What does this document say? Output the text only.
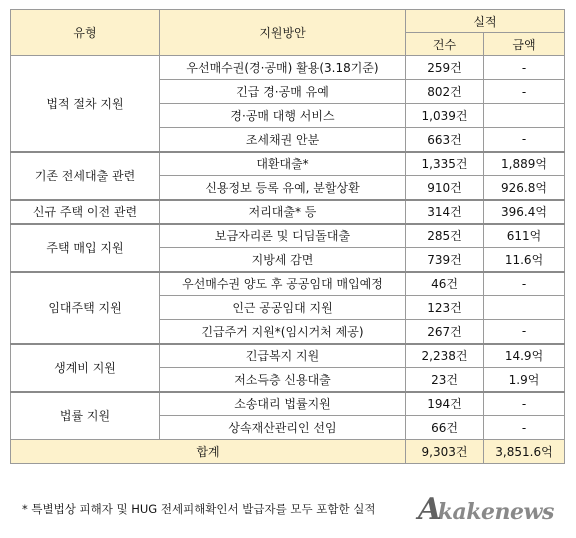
유형	지원방안	실적	
		건수	금액
법적 절차 지원	우선매수권(경·공매) 활용(3.18기준)	259건	-
	긴급 경·공매 유예	802건	-
	경·공매 대행 서비스	1,039건	
	조세채권 안분	663건	-
기존 전세대출 관련	대환대출*	1,335건	1,889억
	신용정보 등록 유예, 분할상환	910건	926.8억
신규 주택 이전 관련	저리대출* 등	314건	396.4억
주택 매입 지원	보금자리론 및 디딤돌대출	285건	611억
	지방세 감면	739건	11.6억
임대주택 지원	우선매수권 양도 후 공공임대 매입예정	46건	-
	인근 공공임대 지원	123건	
	긴급주거 지원*(임시거처 제공)	267건	-
생계비 지원	긴급복지 지원	2,238건	14.9억
	저소득층 신용대출	23건	1.9억
법률 지원	소송대리 법률지원	194건	-
	상속재산관리인 선임	66건	-
합계		9,303건	3,851.6억
* 특별법상 피해자 및 HUG 전세피해확인서 발급자를 모두 포함한 실적 Akakenews
